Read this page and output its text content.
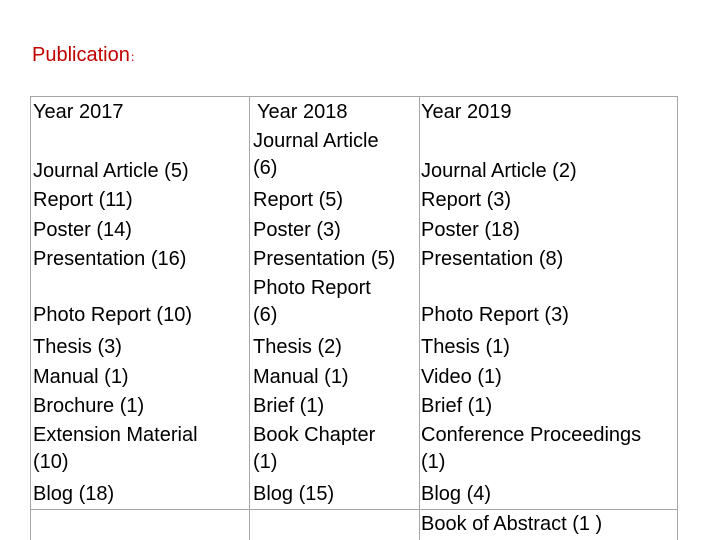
Publication：
Year 2017
Journal Article (5)
Report (11)
Poster (14)
Presentation (16)
Photo Report (10)
Thesis (3)
Manual (1)
Brochure (1)
Extension Material
(10)
Blog (18)
Year 2018
Journal Article
(6)
Report (5)
Poster (3)
Presentation (5)
Photo Report
(6)
Thesis (2)
Manual (1)
Brief (1)
Book Chapter
(1)
Blog (15)
Year 2019
Journal Article (2)
Report (3)
Poster (18)
Presentation (8)
Photo Report (3)
Thesis (1)
Video (1)
Brief (1)
Conference Proceedings
(1)
Blog (4)
Book of Abstract (1 )
